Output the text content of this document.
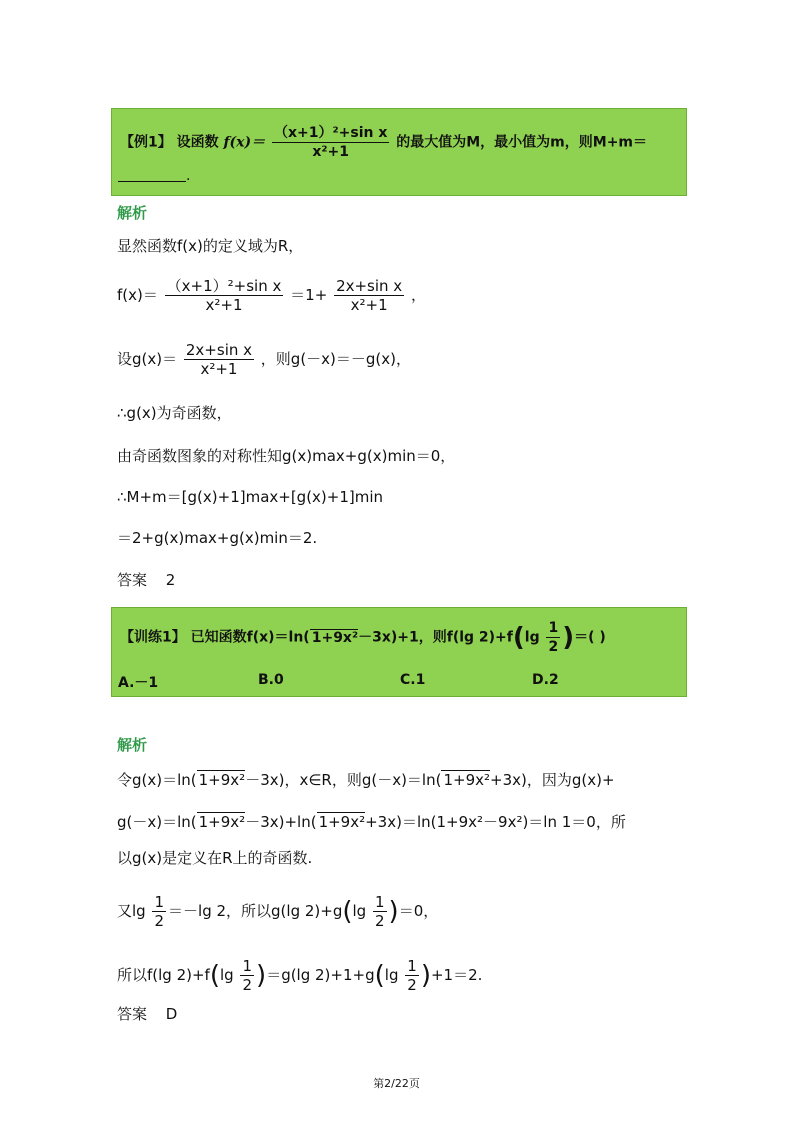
【例1】 设函数 $f(x)= \frac{\text{（x+1）²+sin x}}{\text{x²+1}}$ 的最大值为M，最小值为m，则M+m＝
.
解析
显然函数f(x)的定义域为R，
$f(x)= \frac{\text{（x+1）²+sin x}}{\text{x²+1}} =1+ \frac{\text{2x+sin x}}{\text{x²+1}}$ ，
设$g(x)= \frac{\text{2x+sin x}}{\text{x²+1}}$ ，则g(－x)＝－g(x)，
∴g(x)为奇函数，
由奇函数图象的对称性知g(x)max+g(x)min＝0，
∴M+m＝[g(x)+1]max+[g(x)+1]min
＝2+g(x)max+g(x)min＝2.
答案 2
【训练1】 已知函数f(x)＝ln( 1+9x²－3x)+1，则f(lg $2)+f(\lg \frac{1}{2}$ )＝( )
A.－1	B.0	C.1	D.2
解析
令g(x)＝ln( 1+9x²－3x)，x∈R，则g(－x)＝ln( 1+9x²+3x)，因为g(x)+
g(－x)＝ln( 1+9x²－3x)+ln( 1+9x²+3x)＝ln(1+9x²－9x²)＝ln 1＝0，所
以g(x)是定义在R上的奇函数.
又$\lg \frac{1}{2} =-\lg$ 2，所以g(lg $2)+g(\lg \frac{1}{2} )=0$，
所以f(lg $2)+f(\lg \frac{1}{2} )=g(\lg$ $2)+1+g(\lg \frac{1}{2} )+1=2$.
答案 D
第2/22页
